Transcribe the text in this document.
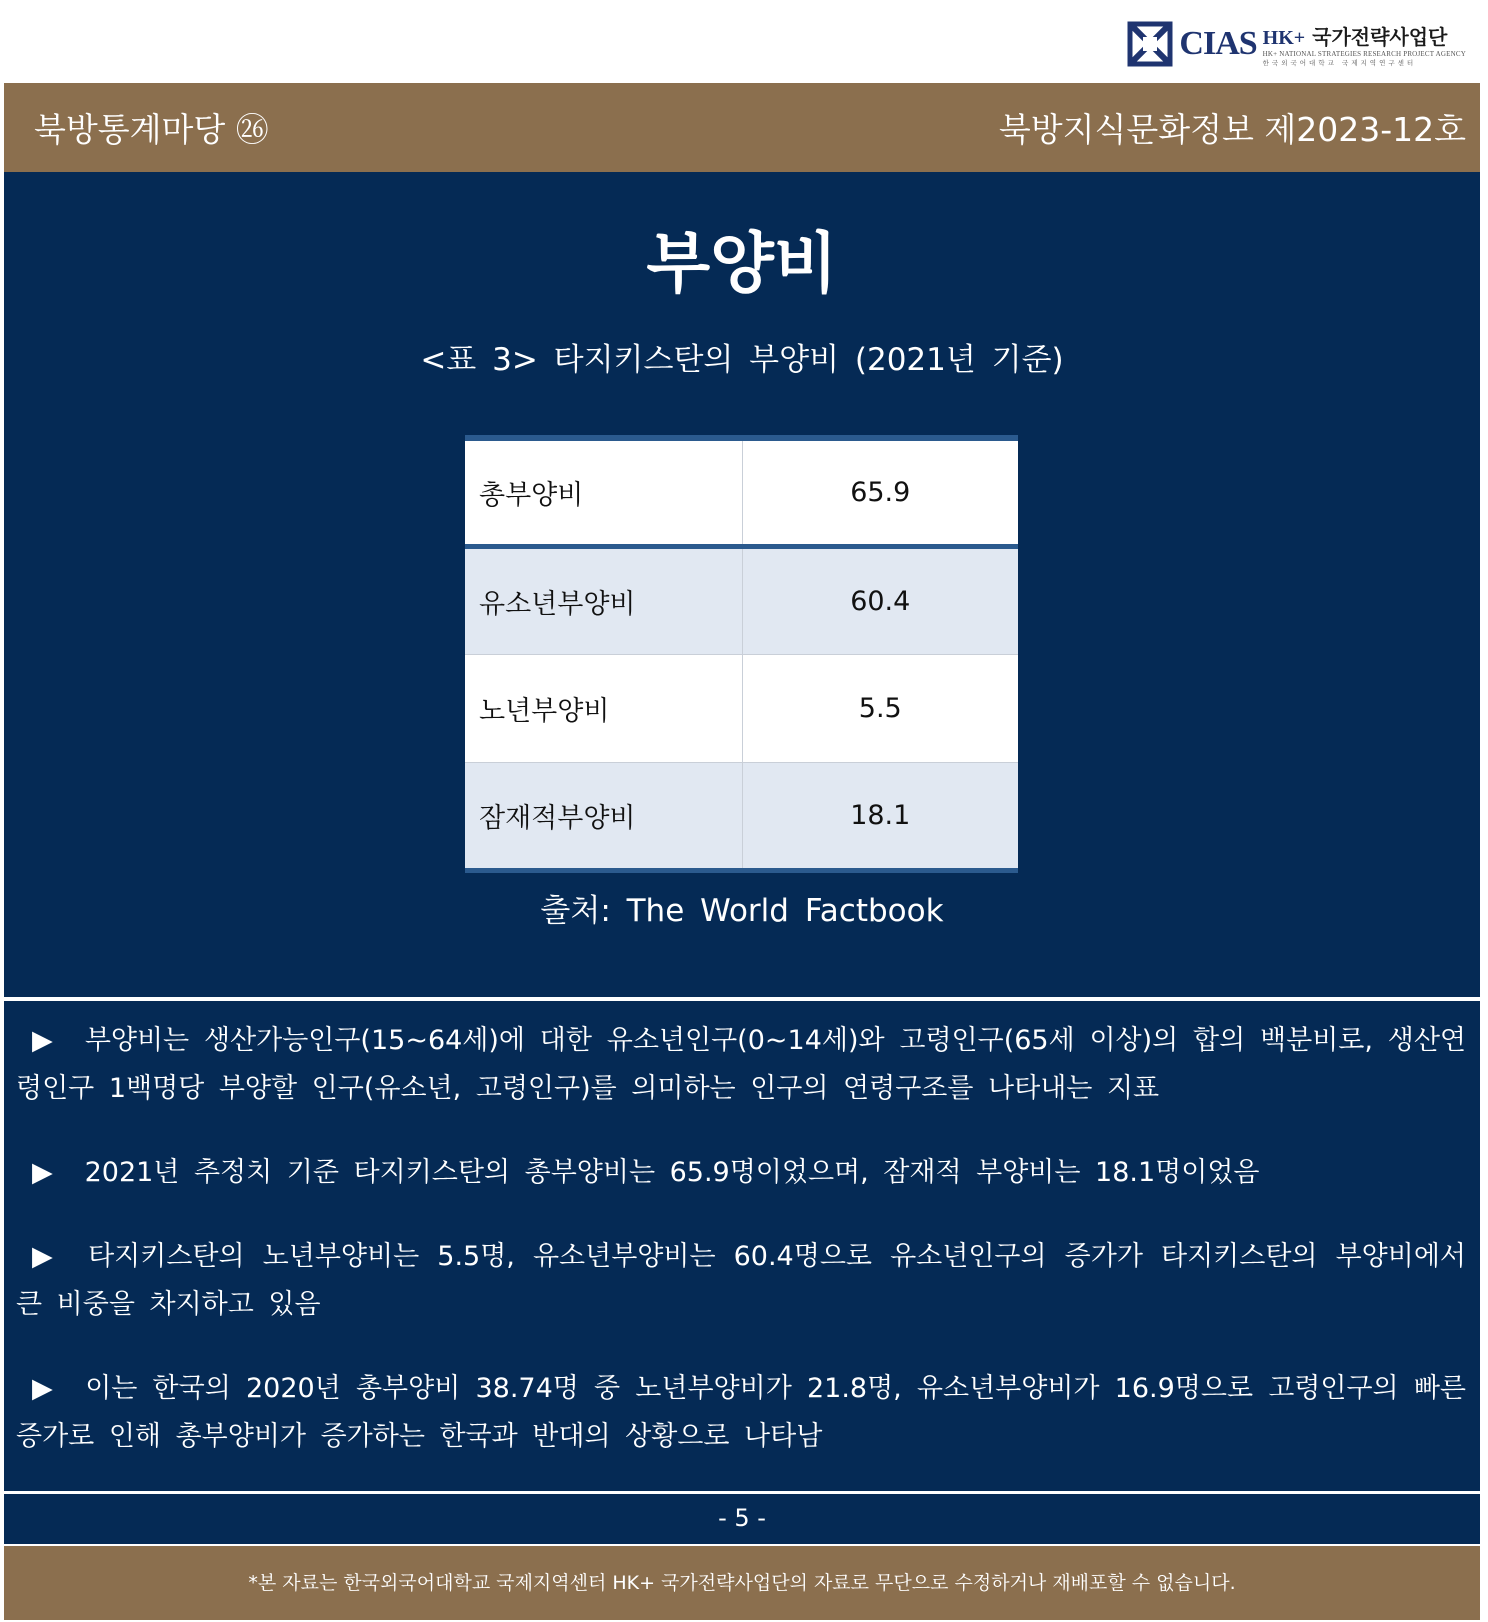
CIAS HK+ 국가전략사업단
HK+ NATIONAL STRATEGIES RESEARCH PROJECT AGENCY
한국외국어대학교 국제지역연구센터
북방통계마당 ㉖	북방지식문화정보 제2023-12호
부양비
<표 3> 타지키스탄의 부양비 (2021년 기준)
총부양비	65.9
유소년부양비	60.4
노년부양비	5.5
잠재적부양비	18.1
출처: The World Factbook

▶ 부양비는 생산가능인구(15~64세)에 대한 유소년인구(0~14세)와 고령인구(65세 이상)의 합의 백분비로, 생산연령인구 1백명당 부양할 인구(유소년, 고령인구)를 의미하는 인구의 연령구조를 나타내는 지표

▶ 2021년 추정치 기준 타지키스탄의 총부양비는 65.9명이었으며, 잠재적 부양비는 18.1명이었음

▶ 타지키스탄의 노년부양비는 5.5명, 유소년부양비는 60.4명으로 유소년인구의 증가가 타지키스탄의 부양비에서 큰 비중을 차지하고 있음

▶ 이는 한국의 2020년 총부양비 38.74명 중 노년부양비가 21.8명, 유소년부양비가 16.9명으로 고령인구의 빠른 증가로 인해 총부양비가 증가하는 한국과 반대의 상황으로 나타남

- 5 -
*본 자료는 한국외국어대학교 국제지역센터 HK+ 국가전략사업단의 자료로 무단으로 수정하거나 재배포할 수 없습니다.
